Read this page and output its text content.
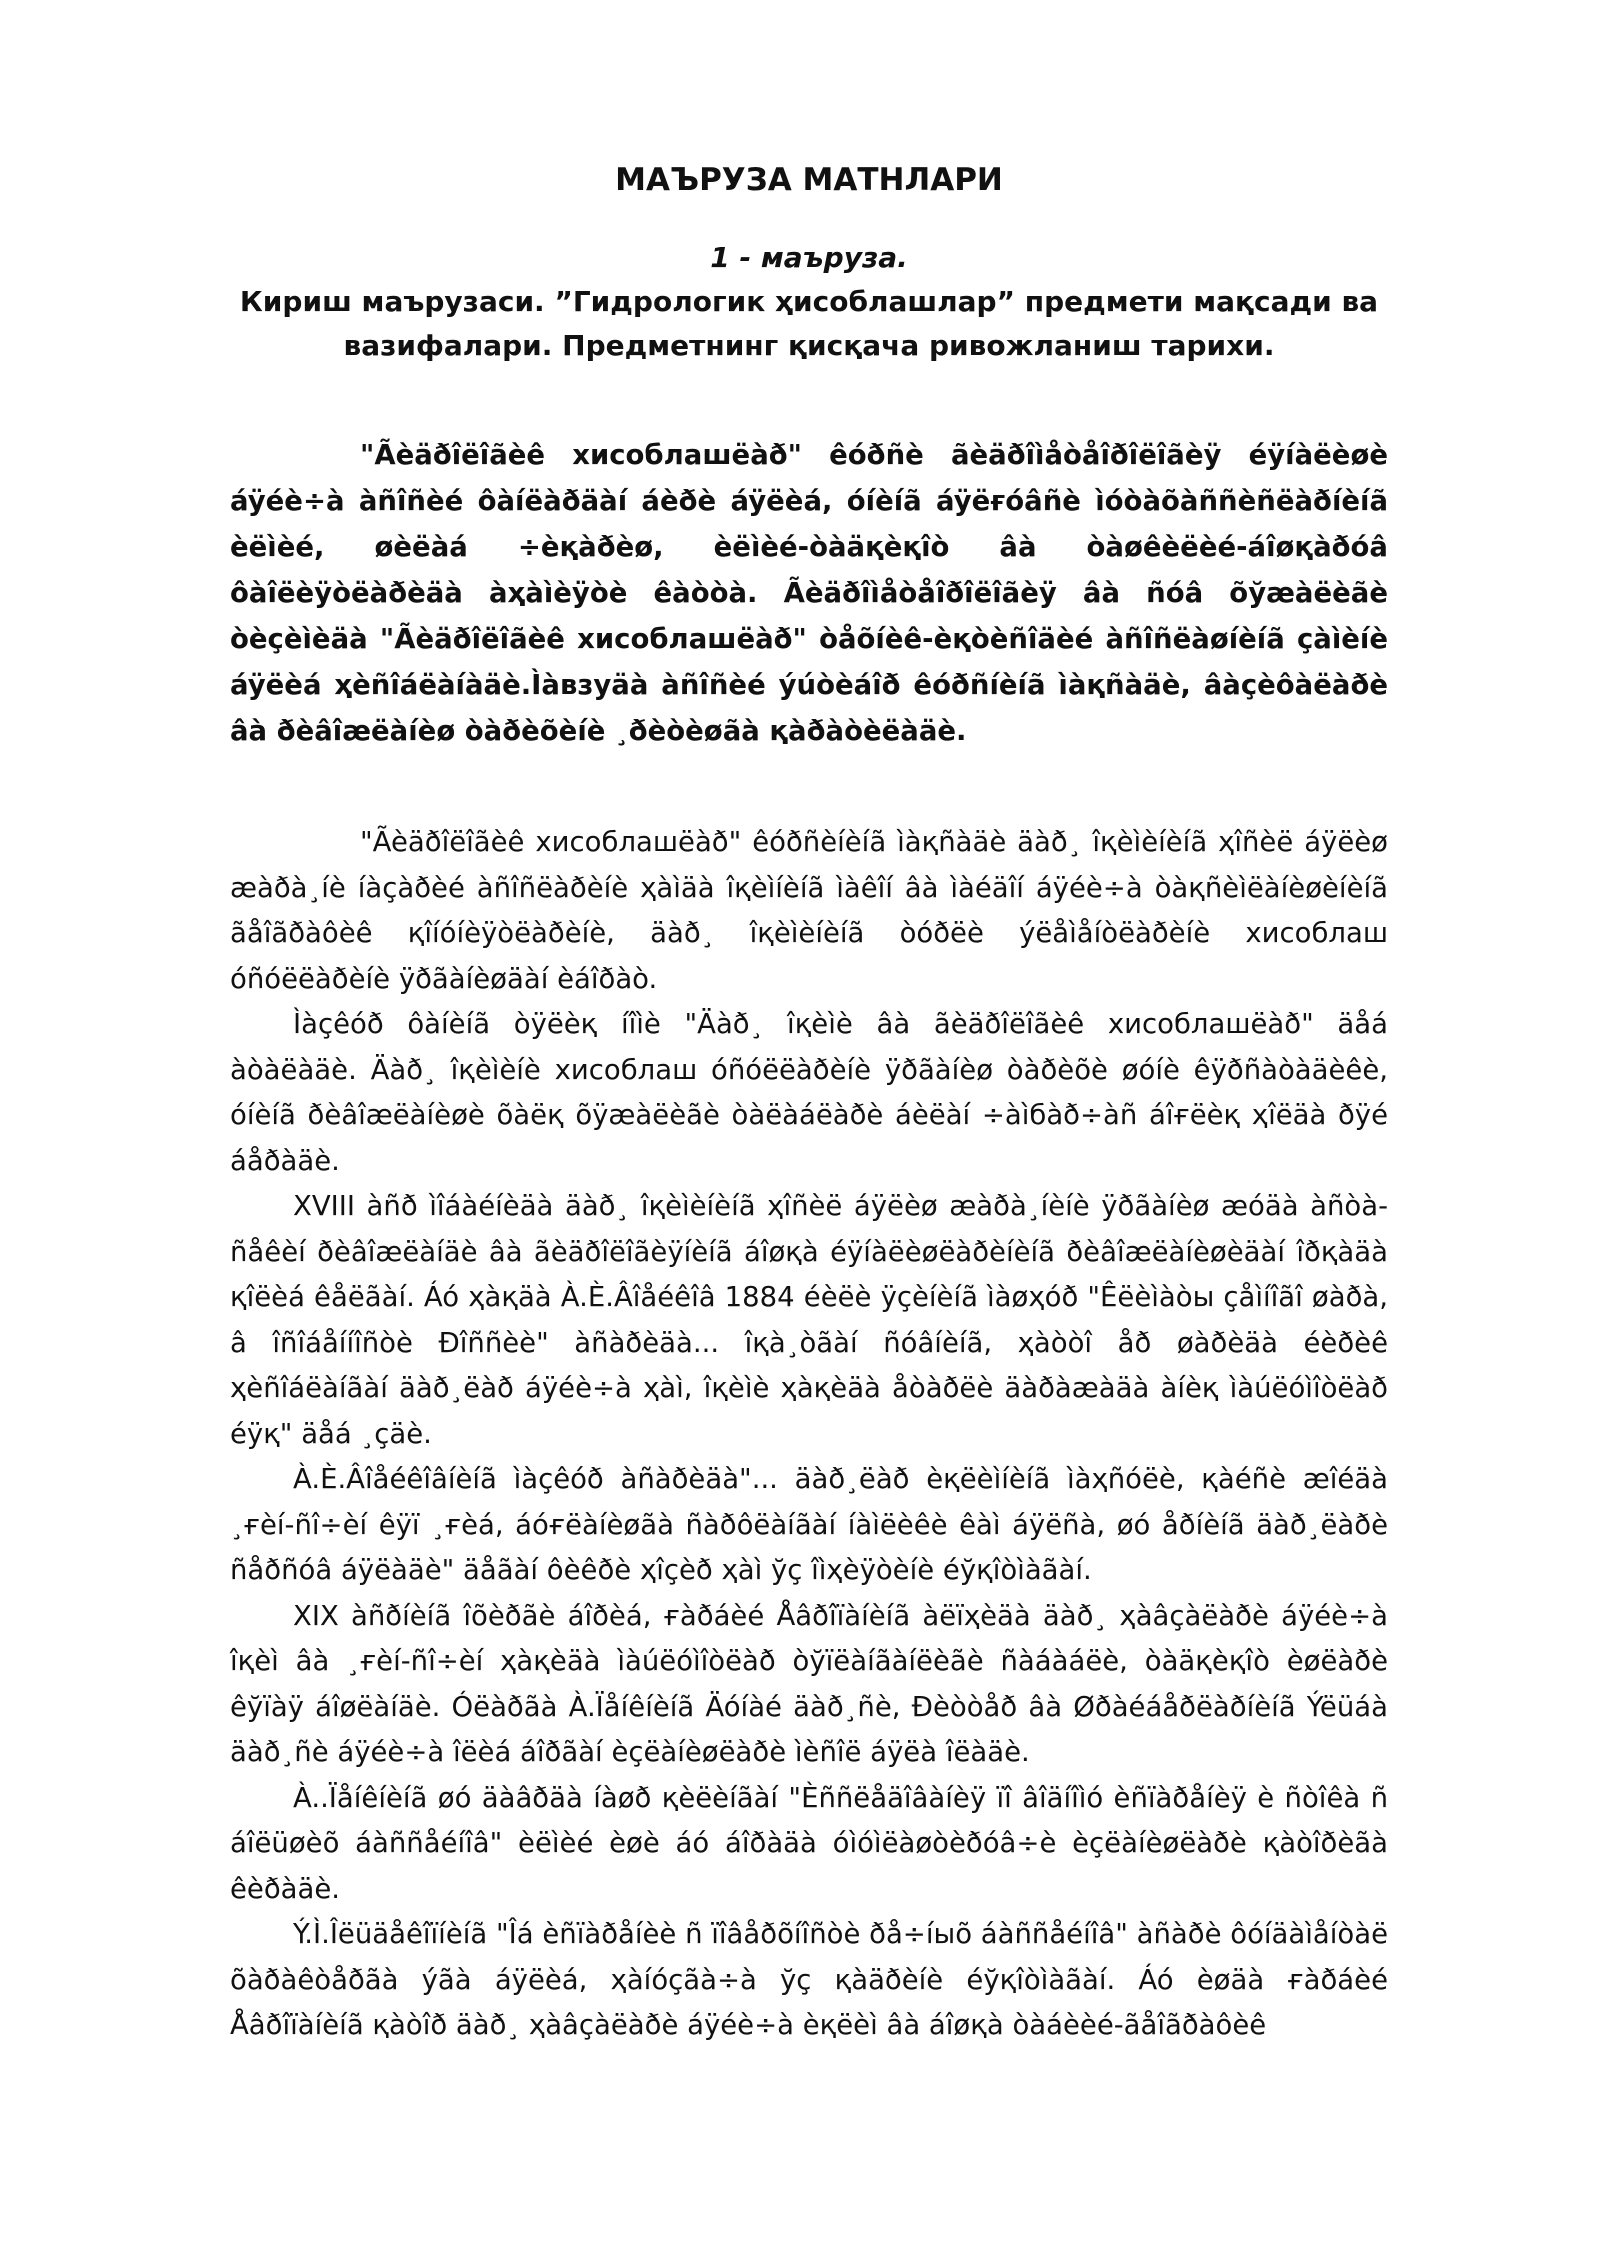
МАЪРУЗА МАТНЛАРИ

1 - маъруза.

Кириш маърузаси. ”Гидрологик ҳисоблашлар” предмети мақсади ва вазифалари. Предметнинг қисқача ривожланиш тарихи.

"Ãèäðîëîãèê хисоблашëàð" êóðñè ãèäðîìåòåîðîëîãèÿ éÿíàëèøè áÿéè÷à àñîñèé ôàíëàðäàí áèðè áÿëèá, óíèíã áÿëғóâñè ìóòàõàññèñëàðíèíã èëìèé, øèëàá ÷èқàðèø, èëìèé-òàäқèқîò âà òàøêèëèé-áîøқàðóâ ôàîëèÿòëàðèäà àҳàìèÿòè êàòòà. Ãèäðîìåòåîðîëîãèÿ âà ñóâ õўæàëèãè òèçèìèäà "Ãèäðîëîãèê хисоблашëàð" òåõíèê-èқòèñîäèé àñîñëàøíèíã çàìèíè áÿëèá ҳèñîáëàíàäè.Ìàвзуäà àñîñèé ýúòèáîð êóðñíèíã ìàқñàäè, âàçèôàëàðè âà ðèâîæëàíèø òàðèõèíè ¸ðèòèøãà қàðàòèëàäè.

"Ãèäðîëîãèê хисоблашëàð" êóðñèíèíã ìàқñàäè äàð¸ îқèìèíèíã ҳîñèë áÿëèø æàðà¸íè íàçàðèé àñîñëàðèíè ҳàìäà îқèìíèíã ìàêîí âà ìàéäîí áÿéè÷à òàқñèìëàíèøèíèíã ãåîãðàôèê қîíóíèÿòëàðèíè, äàð¸ îқèìèíèíã òóðëè ýëåìåíòëàðèíè хисоблаш óñóëëàðèíè ÿðãàíèøäàí èáîðàò.

Ìàçêóð ôàíèíã òÿëèқ íîìè "Äàð¸ îқèìè âà ãèäðîëîãèê хисоблашëàð" äåá àòàëàäè. Äàð¸ îқèìèíè хисоблаш óñóëëàðèíè ÿðãàíèø òàðèõè øóíè êÿðñàòàäèêè, óíèíã ðèâîæëàíèøè õàëқ õÿæàëèãè òàëàáëàðè áèëàí ÷àìбàð÷àñ áîғëèқ ҳîëäà ðÿé áåðàäè.

XVIII àñð ìîáàéíèäà äàð¸ îқèìèíèíã ҳîñèë áÿëèø æàðà¸íèíè ÿðãàíèø æóäà àñòà-ñåêèí ðèâîæëàíäè âà ãèäðîëîãèÿíèíã áîøқà éÿíàëèøëàðèíèíã ðèâîæëàíèøèäàí îðқàäà қîëèá êåëãàí. Áó ҳàқäà À.È.Âîåéêîâ 1884 éèëè ÿçèíèíã ìàøҳóð "Êëèìàòы çåìíîãî øàðà, â îñîáåííîñòè Ðîññèè" àñàðèäà... îқà¸òãàí ñóâíèíã, ҳàòòî åð øàðèäà éèðèê ҳèñîáëàíãàí äàð¸ëàð áÿéè÷à ҳàì, îқèìè ҳàқèäà åòàðëè äàðàæàäà àíèқ ìàúëóìîòëàð éÿқ" äåá ¸çäè.

À.È.Âîåéêîâíèíã ìàçêóð àñàðèäà"... äàð¸ëàð èқëèìíèíã ìàҳñóëè, қàéñè æîéäà ¸ғèí-ñî÷èí êÿï ¸ғèá, áóғëàíèøãà ñàðôëàíãàí íàìëèêè êàì áÿëñà, øó åðíèíã äàð¸ëàðè ñåðñóâ áÿëàäè" äåãàí ôèêðè ҳîçèð ҳàì ўç îìҳèÿòèíè éўқîòìàãàí.

XIX àñðíèíã îõèðãè áîðèá, ғàðáèé Åâðîïàíèíã àëïҳèäà äàð¸ ҳàâçàëàðè áÿéè÷à îқèì âà ¸ғèí-ñî÷èí ҳàқèäà ìàúëóìîòëàð òўïëàíãàíëèãè ñàáàáëè, òàäқèқîò èøëàðè êўïàÿ áîøëàíäè. Óëàðãà À.Ïåíêíèíã Äóíàé äàð¸ñè, Ðèòòåð âà Øðàéáåðëàðíèíã Ýëüáà äàð¸ñè áÿéè÷à îëèá áîðãàí èçëàíèøëàðè ìèñîë áÿëà îëàäè.

À..Ïåíêíèíã øó äàâðäà íàøð қèëèíãàí "Èññëåäîâàíèÿ ïî âîäíîìó èñïàðåíèÿ è ñòîêà ñ áîëüøèõ áàññåéíîâ" èëìèé èøè áó áîðàäà óìóìëàøòèðóâ÷è èçëàíèøëàðè қàòîðèãà êèðàäè.

Ý.Ì.Îëüäåêîïíèíã "Îá èñïàðåíèè ñ ïîâåðõíîñòè ðå÷íыõ áàññåéíîâ" àñàðè ôóíäàìåíòàë õàðàêòåðãà ýãà áÿëèá, ҳàíóçãà÷à ўç қàäðèíè éўқîòìàãàí. Áó èøäà ғàðáèé Åâðîïàíèíã қàòîð äàð¸ ҳàâçàëàðè áÿéè÷à èқëèì âà áîøқà òàáèèé-ãåîãðàôèê
